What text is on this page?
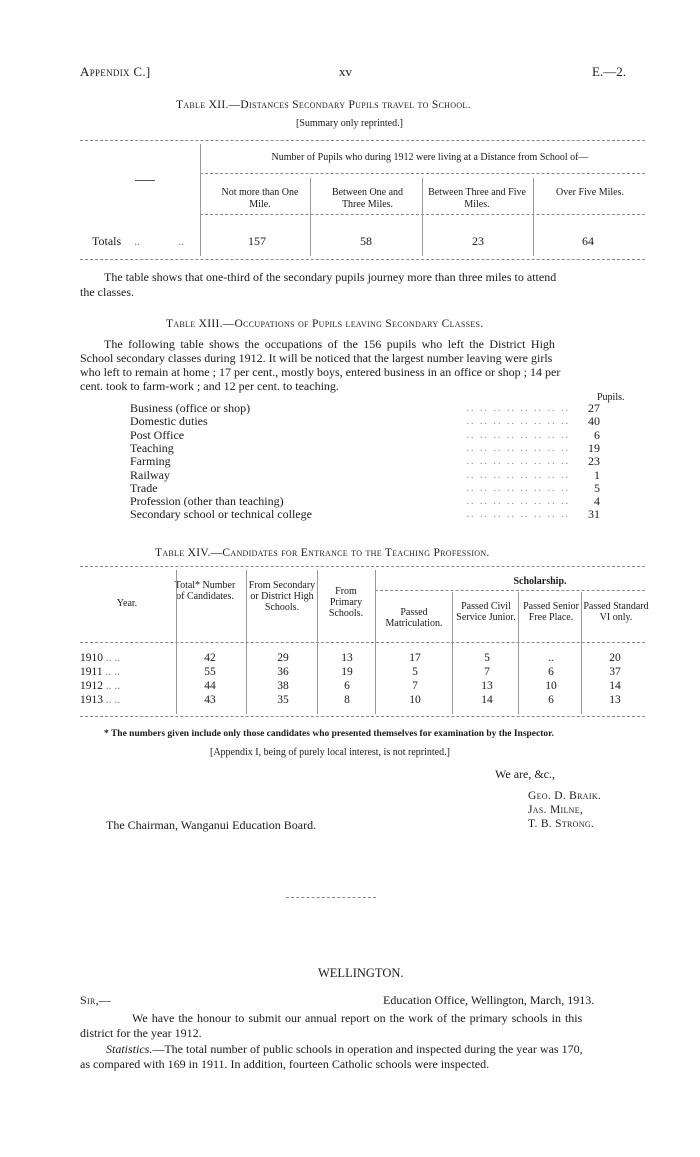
Appendix C.]	xv	E.—2.
Table XII.—Distances Secondary Pupils travel to School.
[Summary only reprinted.]
Number of Pupils who during 1912 were living at a Distance from School of—
Not more than One Mile.
Between One and Three Miles.
Between Three and Five Miles.
Over Five Miles.
Totals ..	..	157	58	23	64
The table shows that one-third of the secondary pupils journey more than three miles to attend
the classes.
Table XIII.—Occupations of Pupils leaving Secondary Classes.
The following table shows the occupations of the 156 pupils who left the District High
School secondary classes during 1912. It will be noticed that the largest number leaving were girls
who left to remain at home ; 17 per cent., mostly boys, entered business in an office or shop ; 14 per
cent. took to farm-work ; and 12 per cent. to teaching.
Pupils.
.. .. .. .. .. .. .. ..
Business (office or shop)	27
.. .. .. .. .. .. .. ..
Domestic duties	40
.. .. .. .. .. .. .. ..
Post Office	6
.. .. .. .. .. .. .. ..
Teaching	19
.. .. .. .. .. .. .. ..
Farming	23
.. .. .. .. .. .. .. ..
Railway	1
.. .. .. .. .. .. .. ..
Trade	5
.. .. .. .. .. .. .. ..
Profession (other than teaching)	4
.. .. .. .. .. .. .. ..
Secondary school or technical college	31
Table XIV.—Candidates for Entrance to the Teaching Profession.
Year.
Total* Number of Candidates.
From Secondary or District High Schools.
From Primary Schools.
Scholarship.
Passed Matriculation.
Passed Civil Service Junior.
Passed Senior Free Place.
Passed Standard VI only.
1910 .. ..	42	29	13	17	5	..	20
1911 .. ..	55	36	19	5	7	6	37
1912 .. ..	44	38	6	7	13	10	14
1913 .. ..	43	35	8	10	14	6	13
* The numbers given include only those candidates who presented themselves for examination by the Inspector.
[Appendix I, being of purely local interest, is not reprinted.]
We are, &c.,
Geo. D. Braik.
Jas. Milne,
T. B. Strong.
The Chairman, Wanganui Education Board.
WELLINGTON.
Sir,—	Education Office, Wellington, March, 1913.
We have the honour to submit our annual report on the work of the primary schools in this
district for the year 1912.
Statistics.—The total number of public schools in operation and inspected during the year was 170,
as compared with 169 in 1911. In addition, fourteen Catholic schools were inspected.
